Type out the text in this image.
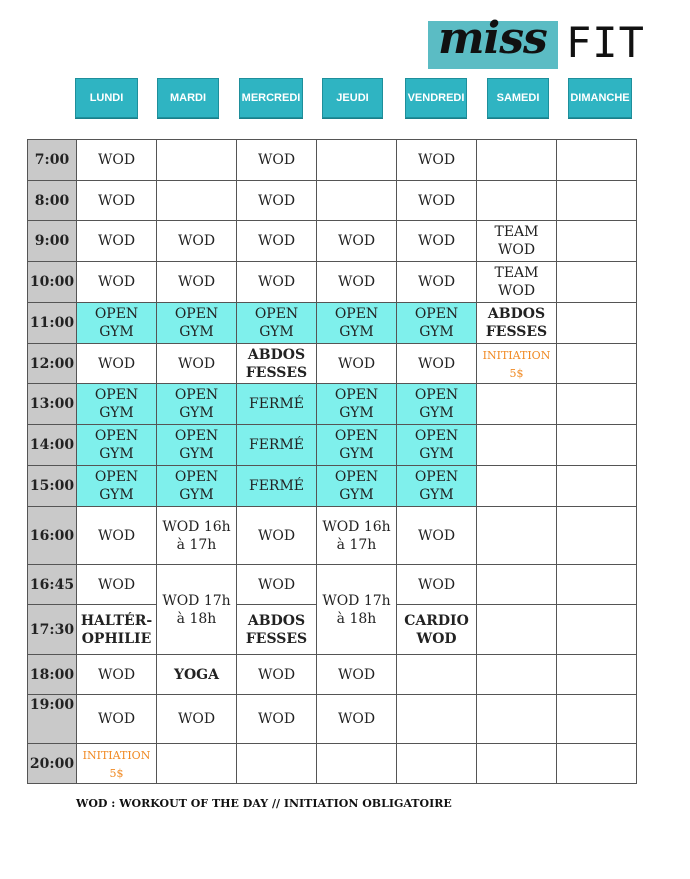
miss FIT
LUNDI	MARDI	MERCREDI	JEUDI	VENDREDI	SAMEDI	DIMANCHE
7:00	WOD		WOD		WOD		
8:00	WOD		WOD		WOD		
9:00	WOD	WOD	WOD	WOD	WOD	TEAM WOD	
10:00	WOD	WOD	WOD	WOD	WOD	TEAM WOD	
11:00	OPEN GYM	OPEN GYM	OPEN GYM	OPEN GYM	OPEN GYM	ABDOS FESSES	
12:00	WOD	WOD	ABDOS FESSES	WOD	WOD	INITIATION 5$	
13:00	OPEN GYM	OPEN GYM	FERMÉ	OPEN GYM	OPEN GYM		
14:00	OPEN GYM	OPEN GYM	FERMÉ	OPEN GYM	OPEN GYM		
15:00	OPEN GYM	OPEN GYM	FERMÉ	OPEN GYM	OPEN GYM		
16:00	WOD	WOD 16h à 17h	WOD	WOD 16h à 17h	WOD		
16:45	WOD	WOD 17h à 18h	WOD	WOD 17h à 18h	WOD		
17:30	HALTÉR-OPHILIE		ABDOS FESSES		CARDIO WOD		
18:00	WOD	YOGA	WOD	WOD			
19:00	WOD	WOD	WOD	WOD			
20:00	INITIATION 5$						
WOD : WORKOUT OF THE DAY // INITIATION OBLIGATOIRE
